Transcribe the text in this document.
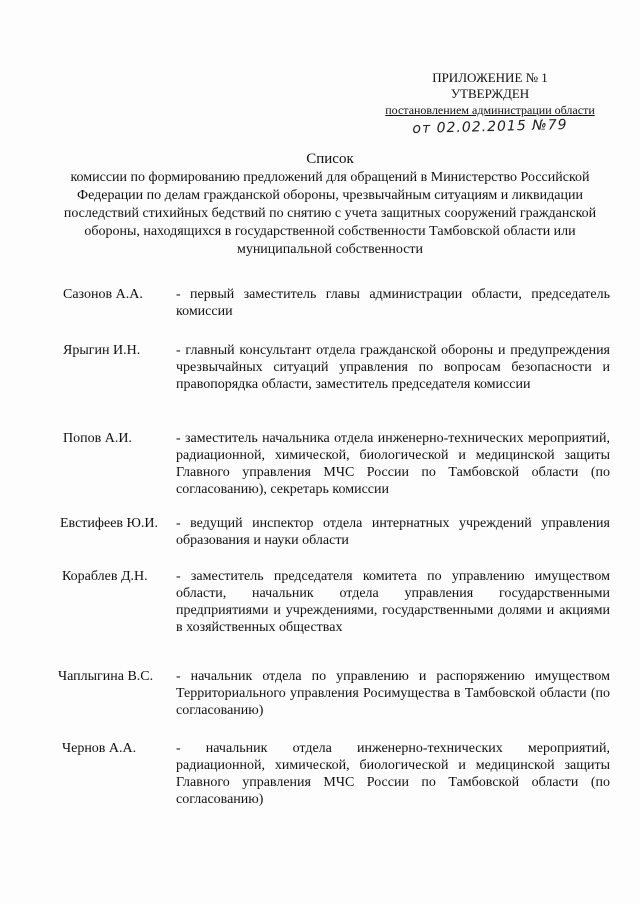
ПРИЛОЖЕНИЕ № 1
УТВЕРЖДЕН
постановлением администрации области
от 02.02.2015 №79
Список
комиссии по формированию предложений для обращений в Министерство Российской Федерации по делам гражданской обороны, чрезвычайным ситуациям и ликвидации последствий стихийных бедствий по снятию с учета защитных сооружений гражданской обороны, находящихся в государственной собственности Тамбовской области или муниципальной собственности
Сазонов А.А.	- первый заместитель главы администрации области, председатель комиссии
Ярыгин И.Н.	- главный консультант отдела гражданской обороны и предупреждения чрезвычайных ситуаций управления по вопросам безопасности и правопорядка области, заместитель председателя комиссии
Попов А.И.	- заместитель начальника отдела инженерно-технических мероприятий, радиационной, химической, биологической и медицинской защиты Главного управления МЧС России по Тамбовской области (по согласованию), секретарь комиссии
Евстифеев Ю.И.	- ведущий инспектор отдела интернатных учреждений управления образования и науки области
Кораблев Д.Н.	- заместитель председателя комитета по управлению имуществом области, начальник отдела управления государственными предприятиями и учреждениями, государственными долями и акциями в хозяйственных обществах
Чаплыгина В.С.	- начальник отдела по управлению и распоряжению имуществом Территориального управления Росимущества в Тамбовской области (по согласованию)
Чернов А.А.	- начальник отдела инженерно-технических мероприятий, радиационной, химической, биологической и медицинской защиты Главного управления МЧС России по Тамбовской области (по согласованию)
